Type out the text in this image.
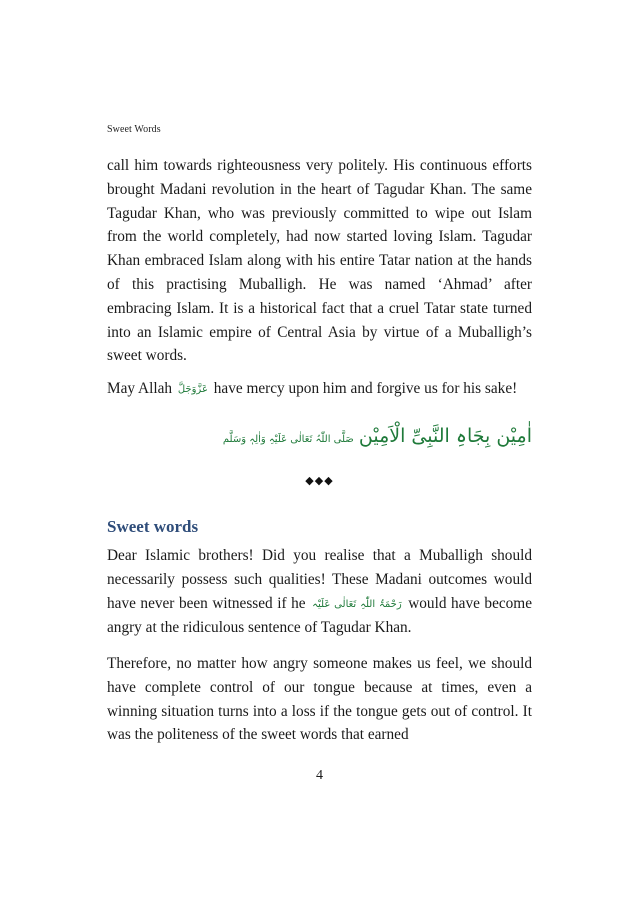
Sweet Words

call him towards righteousness very politely. His continuous efforts brought Madani revolution in the heart of Tagudar Khan. The same Tagudar Khan, who was previously committed to wipe out Islam from the world completely, had now started loving Islam. Tagudar Khan embraced Islam along with his entire Tatar nation at the hands of this practising Muballigh. He was named ‘Ahmad’ after embracing Islam. It is a historical fact that a cruel Tatar state turned into an Islamic empire of Central Asia by virtue of a Muballigh’s sweet words.

May Allah عَزَّوَجَلَّ have mercy upon him and forgive us for his sake!

اٰمِیْن بِجَاہِ النَّبِیِّ الْاَمِیْن صَلَّی اللّٰہُ تَعَالٰی عَلَیْہِ وَاٰلِہٖ وَسَلَّم
◆◆◆
Sweet words

Dear Islamic brothers! Did you realise that a Muballigh should necessarily possess such qualities! These Madani outcomes would have never been witnessed if he رَحْمَۃُ اللّٰہِ تَعَالٰی عَلَیْہ would have become angry at the ridiculous sentence of Tagudar Khan.

Therefore, no matter how angry someone makes us feel, we should have complete control of our tongue because at times, even a winning situation turns into a loss if the tongue gets out of control. It was the politeness of the sweet words that earned

4
